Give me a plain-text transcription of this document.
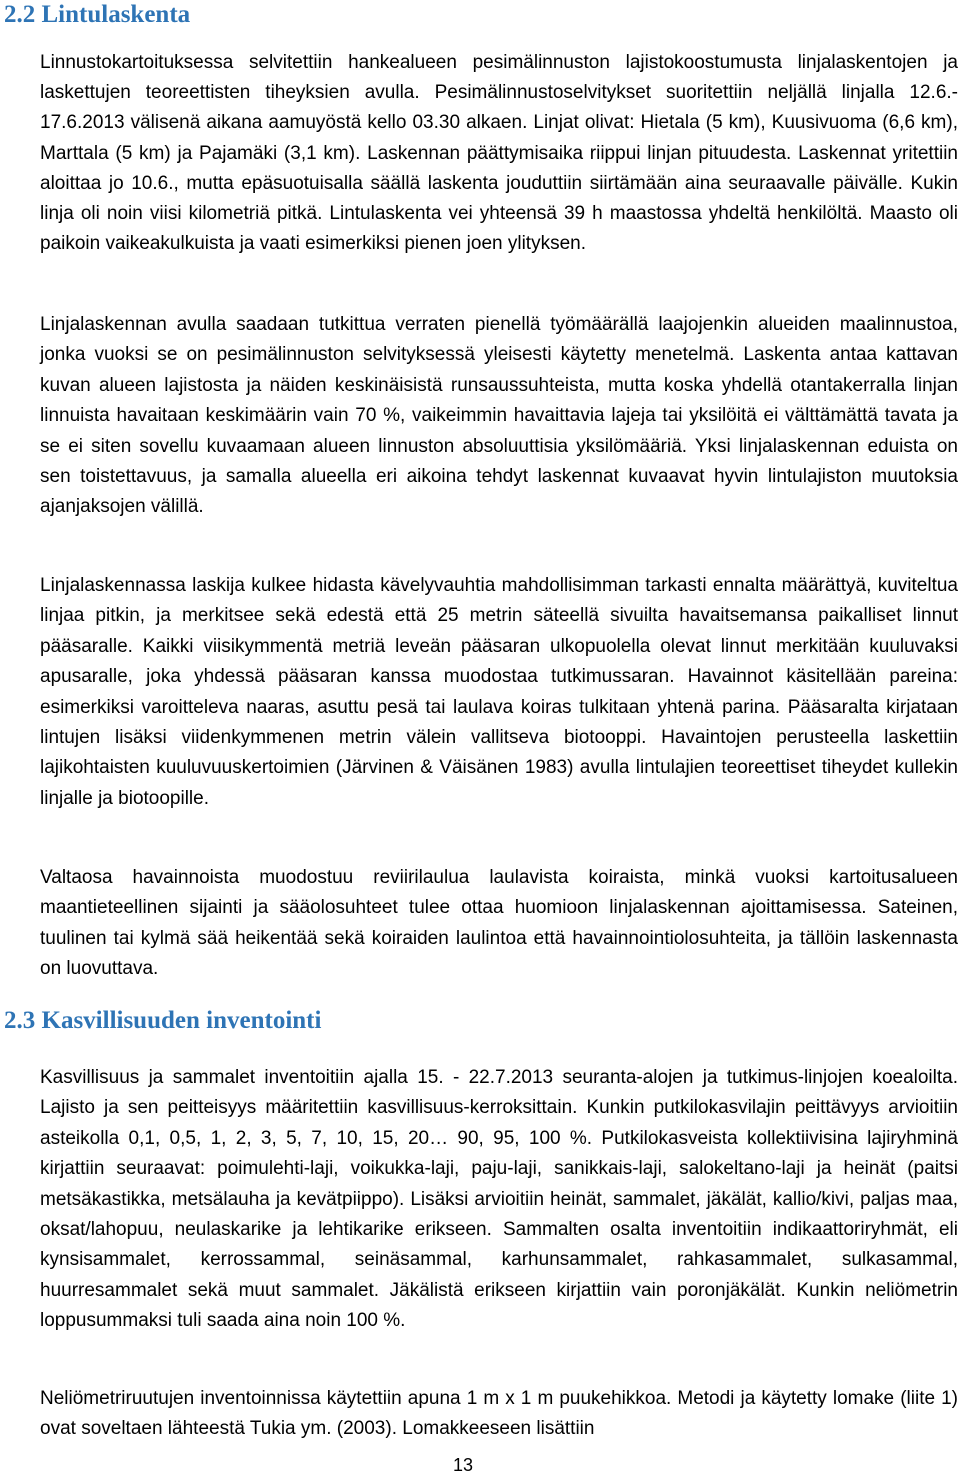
2.2 Lintulaskenta

Linnustokartoituksessa selvitettiin hankealueen pesimälinnuston lajistokoostumusta linjalaskentojen ja laskettujen teoreettisten tiheyksien avulla. Pesimälinnustoselvitykset suoritettiin neljällä linjalla 12.6.- 17.6.2013 välisenä aikana aamuyöstä kello 03.30 alkaen. Linjat olivat: Hietala (5 km), Kuusivuoma (6,6 km), Marttala (5 km) ja Pajamäki (3,1 km). Laskennan päättymisaika riippui linjan pituudesta. Laskennat yritettiin aloittaa jo 10.6., mutta epäsuotuisalla säällä laskenta jouduttiin siirtämään aina seuraavalle päivälle. Kukin linja oli noin viisi kilometriä pitkä. Lintulaskenta vei yhteensä 39 h maastossa yhdeltä henkilöltä. Maasto oli paikoin vaikeakulkuista ja vaati esimerkiksi pienen joen ylityksen.

Linjalaskennan avulla saadaan tutkittua verraten pienellä työmäärällä laajojenkin alueiden maalinnustoa, jonka vuoksi se on pesimälinnuston selvityksessä yleisesti käytetty menetelmä. Laskenta antaa kattavan kuvan alueen lajistosta ja näiden keskinäisistä runsaussuhteista, mutta koska yhdellä otantakerralla linjan linnuista havaitaan keskimäärin vain 70 %, vaikeimmin havaittavia lajeja tai yksilöitä ei välttämättä tavata ja se ei siten sovellu kuvaamaan alueen linnuston absoluuttisia yksilömääriä. Yksi linjalaskennan eduista on sen toistettavuus, ja samalla alueella eri aikoina tehdyt laskennat kuvaavat hyvin lintulajiston muutoksia ajanjaksojen välillä.

Linjalaskennassa laskija kulkee hidasta kävelyvauhtia mahdollisimman tarkasti ennalta määrättyä, kuviteltua linjaa pitkin, ja merkitsee sekä edestä että 25 metrin säteellä sivuilta havaitsemansa paikalliset linnut pääsaralle. Kaikki viisikymmentä metriä leveän pääsaran ulkopuolella olevat linnut merkitään kuuluvaksi apusaralle, joka yhdessä pääsaran kanssa muodostaa tutkimussaran. Havainnot käsitellään pareina: esimerkiksi varoitteleva naaras, asuttu pesä tai laulava koiras tulkitaan yhtenä parina. Pääsaralta kirjataan lintujen lisäksi viidenkymmenen metrin välein vallitseva biotooppi. Havaintojen perusteella laskettiin lajikohtaisten kuuluvuuskertoimien (Järvinen & Väisänen 1983) avulla lintulajien teoreettiset tiheydet kullekin linjalle ja biotoopille.

Valtaosa havainnoista muodostuu reviirilaulua laulavista koiraista, minkä vuoksi kartoitusalueen maantieteellinen sijainti ja sääolosuhteet tulee ottaa huomioon linjalaskennan ajoittamisessa. Sateinen, tuulinen tai kylmä sää heikentää sekä koiraiden laulintoa että havainnointiolosuhteita, ja tällöin laskennasta on luovuttava.

2.3 Kasvillisuuden inventointi

Kasvillisuus ja sammalet inventoitiin ajalla 15. - 22.7.2013 seuranta-alojen ja tutkimus-linjojen koealoilta. Lajisto ja sen peitteisyys määritettiin kasvillisuus-kerroksittain. Kunkin putkilokasvilajin peittävyys arvioitiin asteikolla 0,1, 0,5, 1, 2, 3, 5, 7, 10, 15, 20… 90, 95, 100 %. Putkilokasveista kollektiivisina lajiryhminä kirjattiin seuraavat: poimulehti-laji, voikukka-laji, paju-laji, sanikkais-laji, salokeltano-laji ja heinät (paitsi metsäkastikka, metsälauha ja kevätpiippo). Lisäksi arvioitiin heinät, sammalet, jäkälät, kallio/kivi, paljas maa, oksat/lahopuu, neulaskarike ja lehtikarike erikseen. Sammalten osalta inventoitiin indikaattoriryhmät, eli kynsisammalet, kerrossammal, seinäsammal, karhunsammalet, rahkasammalet, sulkasammal, huurresammalet sekä muut sammalet. Jäkälistä erikseen kirjattiin vain poronjäkälät. Kunkin neliömetrin loppusummaksi tuli saada aina noin 100 %.

Neliömetriruutujen inventoinnissa käytettiin apuna 1 m x 1 m puukehikkoa. Metodi ja käytetty lomake (liite 1) ovat soveltaen lähteestä Tukia ym. (2003). Lomakkeeseen lisättiin

13
